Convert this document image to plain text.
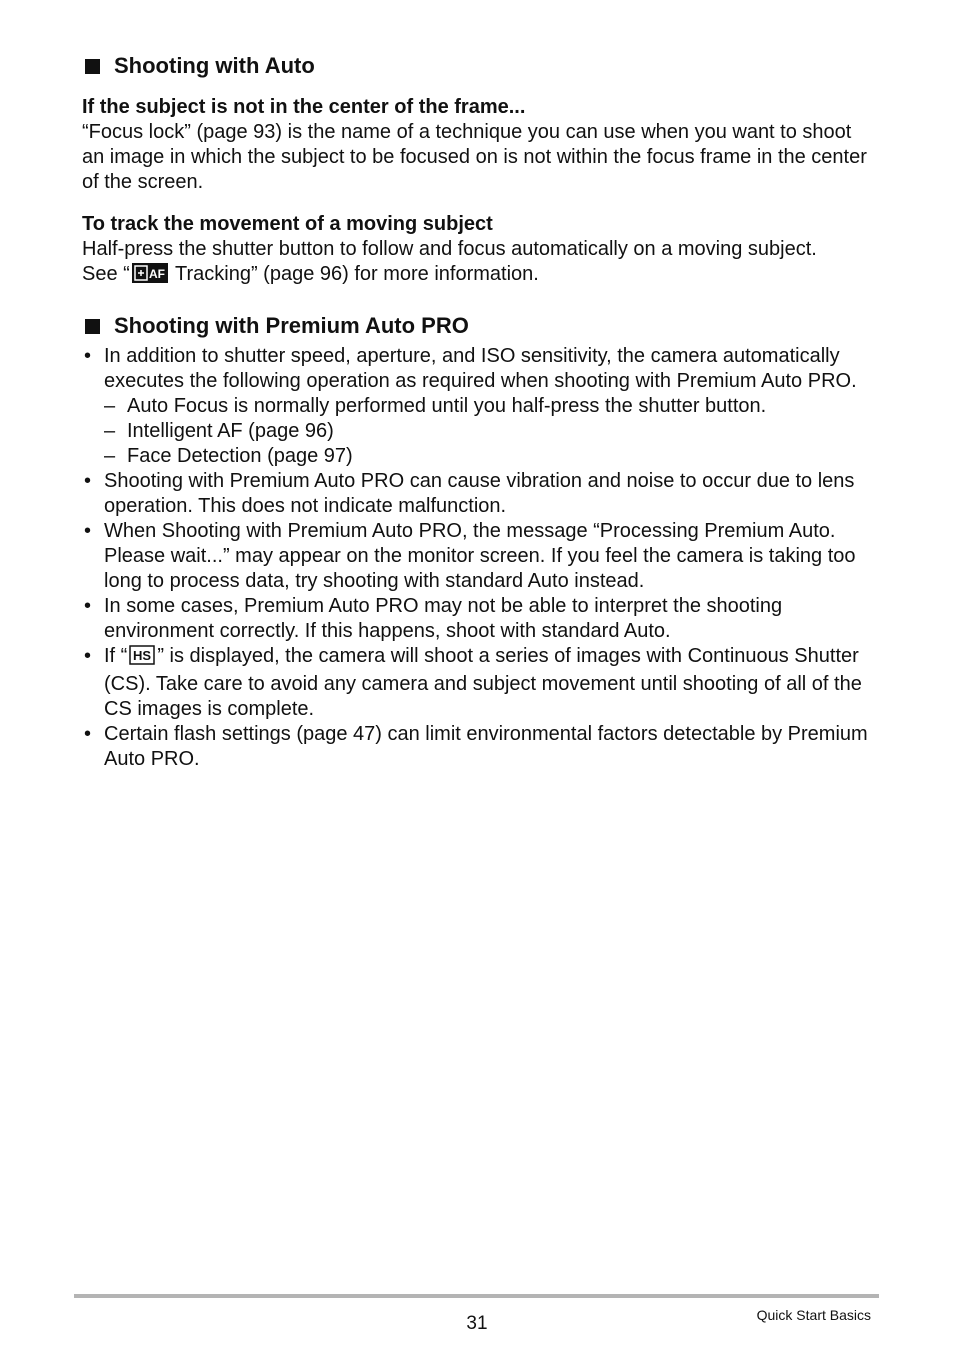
Shooting with Auto
If the subject is not in the center of the frame...

“Focus lock” (page 93) is the name of a technique you can use when you want to shoot an image in which the subject to be focused on is not within the focus frame in the center of the screen.

To track the movement of a moving subject

Half-press the shutter button to follow and focus automatically on a moving subject.
See “ AF Tracking” (page 96) for more information.

Shooting with Premium Auto PRO
• In addition to shutter speed, aperture, and ISO sensitivity, the camera automatically executes the following operation as required when shooting with Premium Auto PRO.
– Auto Focus is normally performed until you half-press the shutter button.
– Intelligent AF (page 96)
– Face Detection (page 97)
• Shooting with Premium Auto PRO can cause vibration and noise to occur due to lens operation. This does not indicate malfunction.
• When Shooting with Premium Auto PRO, the message “Processing Premium Auto. Please wait...” may appear on the monitor screen. If you feel the camera is taking too long to process data, try shooting with standard Auto instead.
• In some cases, Premium Auto PRO may not be able to interpret the shooting environment correctly. If this happens, shoot with standard Auto.
• If “ HS ” is displayed, the camera will shoot a series of images with Continuous Shutter (CS). Take care to avoid any camera and subject movement until shooting of all of the CS images is complete.
• Certain flash settings (page 47) can limit environmental factors detectable by Premium Auto PRO.
31	Quick Start Basics
